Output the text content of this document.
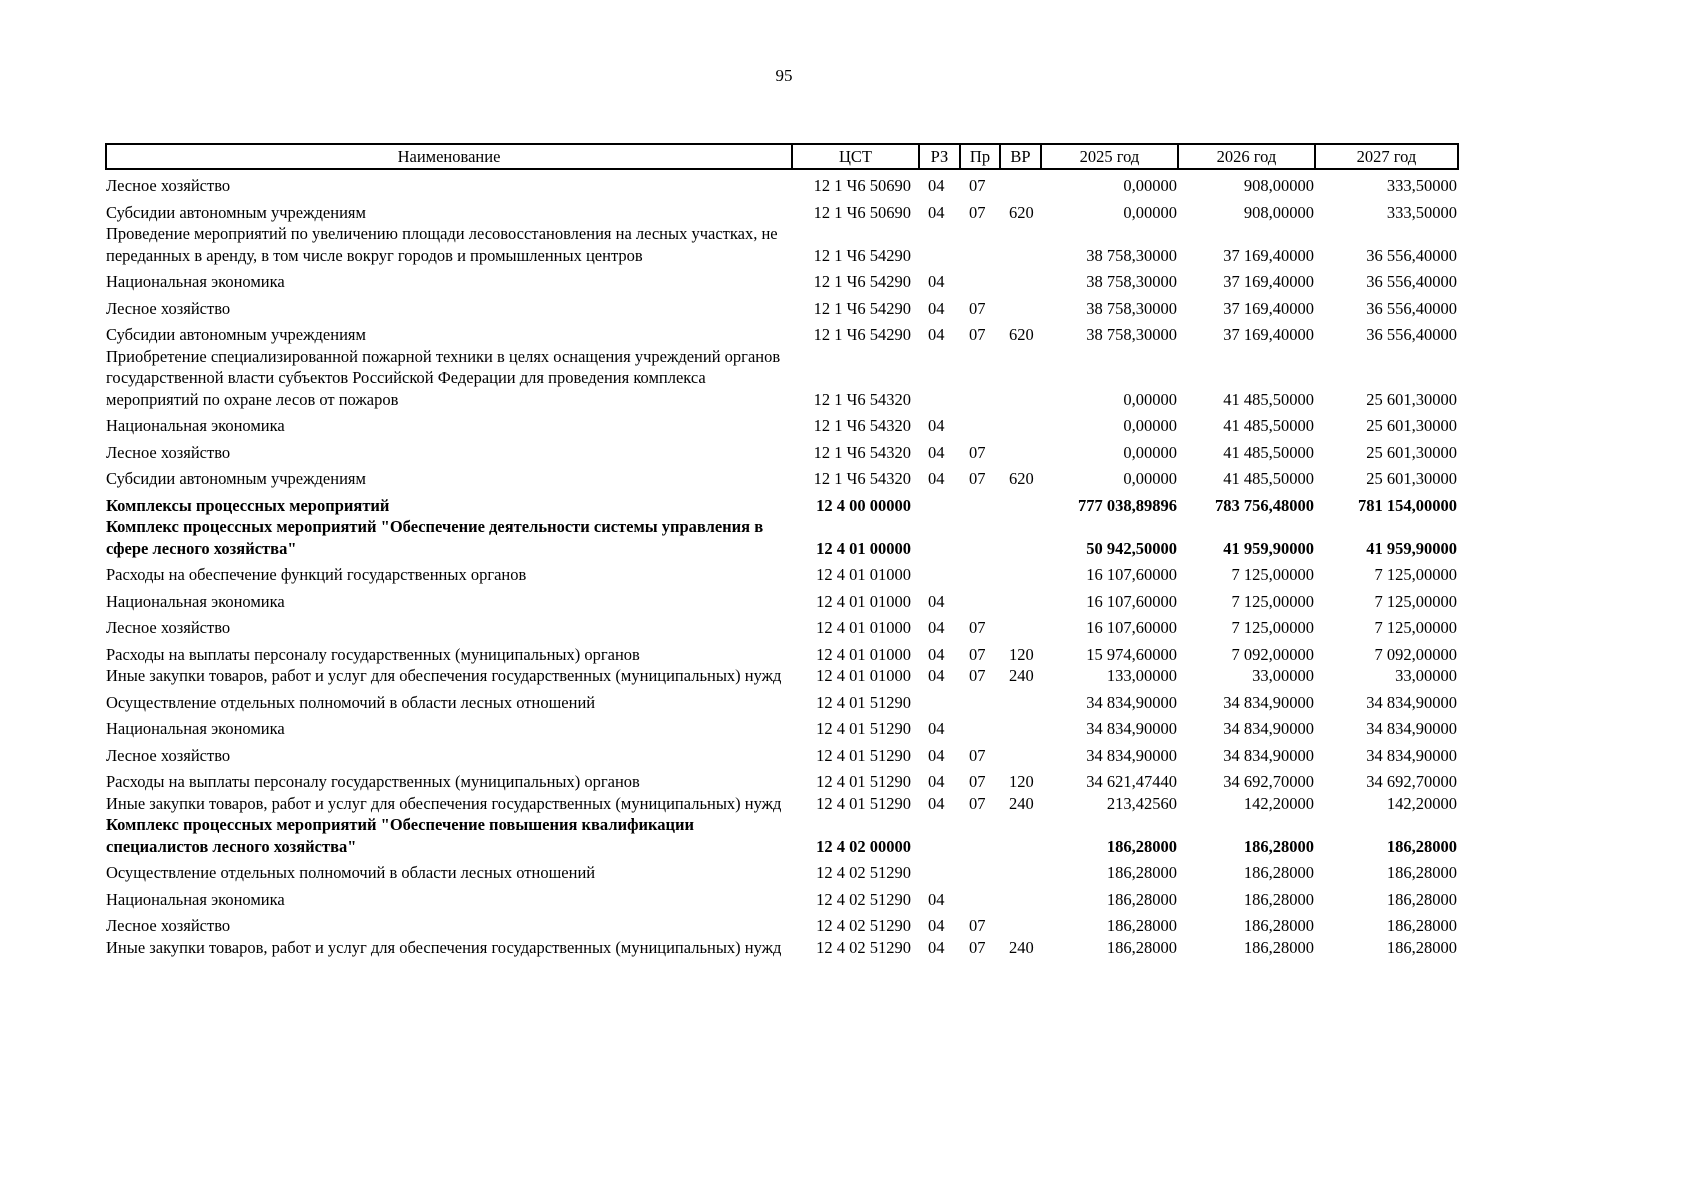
95
Наименование	ЦСТ	РЗ	Пр	ВР	2025 год	2026 год	2027 год
Лесное хозяйство	12 1 Ч6 50690	04	07		0,00000	908,00000	333,50000
Субсидии автономным учреждениям	12 1 Ч6 50690	04	07	620	0,00000	908,00000	333,50000
Проведение мероприятий по увеличению площади лесовосстановления на лесных участках, не переданных в аренду, в том числе вокруг городов и промышленных центров	12 1 Ч6 54290				38 758,30000	37 169,40000	36 556,40000
Национальная экономика	12 1 Ч6 54290	04			38 758,30000	37 169,40000	36 556,40000
Лесное хозяйство	12 1 Ч6 54290	04	07		38 758,30000	37 169,40000	36 556,40000
Субсидии автономным учреждениям	12 1 Ч6 54290	04	07	620	38 758,30000	37 169,40000	36 556,40000
Приобретение специализированной пожарной техники в целях оснащения учреждений органов государственной власти субъектов Российской Федерации для проведения комплекса мероприятий по охране лесов от пожаров	12 1 Ч6 54320				0,00000	41 485,50000	25 601,30000
Национальная экономика	12 1 Ч6 54320	04			0,00000	41 485,50000	25 601,30000
Лесное хозяйство	12 1 Ч6 54320	04	07		0,00000	41 485,50000	25 601,30000
Субсидии автономным учреждениям	12 1 Ч6 54320	04	07	620	0,00000	41 485,50000	25 601,30000
Комплексы процессных мероприятий	12 4 00 00000				777 038,89896	783 756,48000	781 154,00000
Комплекс процессных мероприятий "Обеспечение деятельности системы управления в сфере лесного хозяйства"	12 4 01 00000				50 942,50000	41 959,90000	41 959,90000
Расходы на обеспечение функций государственных органов	12 4 01 01000				16 107,60000	7 125,00000	7 125,00000
Национальная экономика	12 4 01 01000	04			16 107,60000	7 125,00000	7 125,00000
Лесное хозяйство	12 4 01 01000	04	07		16 107,60000	7 125,00000	7 125,00000
Расходы на выплаты персоналу государственных (муниципальных) органов	12 4 01 01000	04	07	120	15 974,60000	7 092,00000	7 092,00000
Иные закупки товаров, работ и услуг для обеспечения государственных (муниципальных) нужд	12 4 01 01000	04	07	240	133,00000	33,00000	33,00000
Осуществление отдельных полномочий в области лесных отношений	12 4 01 51290				34 834,90000	34 834,90000	34 834,90000
Национальная экономика	12 4 01 51290	04			34 834,90000	34 834,90000	34 834,90000
Лесное хозяйство	12 4 01 51290	04	07		34 834,90000	34 834,90000	34 834,90000
Расходы на выплаты персоналу государственных (муниципальных) органов	12 4 01 51290	04	07	120	34 621,47440	34 692,70000	34 692,70000
Иные закупки товаров, работ и услуг для обеспечения государственных (муниципальных) нужд	12 4 01 51290	04	07	240	213,42560	142,20000	142,20000
Комплекс процессных мероприятий "Обеспечение повышения квалификации специалистов лесного хозяйства"	12 4 02 00000				186,28000	186,28000	186,28000
Осуществление отдельных полномочий в области лесных отношений	12 4 02 51290				186,28000	186,28000	186,28000
Национальная экономика	12 4 02 51290	04			186,28000	186,28000	186,28000
Лесное хозяйство	12 4 02 51290	04	07		186,28000	186,28000	186,28000
Иные закупки товаров, работ и услуг для обеспечения государственных (муниципальных) нужд	12 4 02 51290	04	07	240	186,28000	186,28000	186,28000
